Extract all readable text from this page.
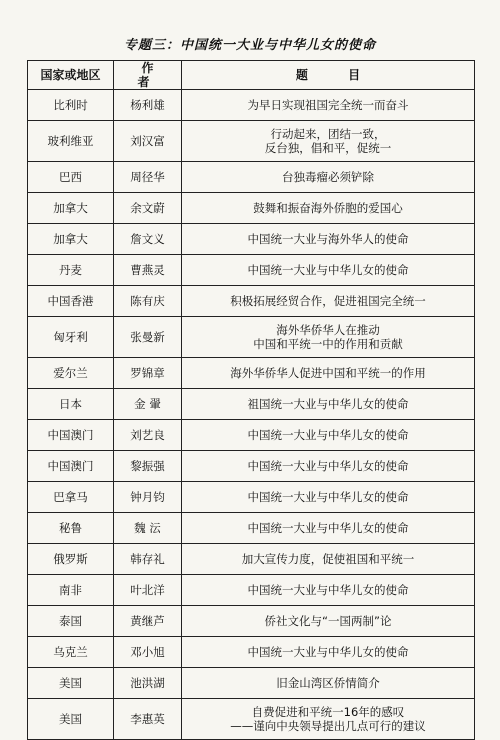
专题三：中国统一大业与中华儿女的使命
国家或地区	作 者	题 目
比利时	杨利雄	为早日实现祖国完全统一而奋斗

玻利维亚	刘汉富	行动起来，团结一致，
反台独，倡和平，促统一

巴西	周径华	台独毒瘤必须铲除

加拿大	余文蔚	鼓舞和振奋海外侨胞的爱国心

加拿大	詹文义	中国统一大业与海外华人的使命

丹麦	曹燕灵	中国统一大业与中华儿女的使命

中国香港	陈有庆	积极拓展经贸合作，促进祖国完全统一

匈牙利	张曼新	海外华侨华人在推动
中国和平统一中的作用和贡献

爱尔兰	罗锦章	海外华侨华人促进中国和平统一的作用

日本	金 翬	祖国统一大业与中华儿女的使命

中国澳门	刘艺良	中国统一大业与中华儿女的使命

中国澳门	黎振强	中国统一大业与中华儿女的使命

巴拿马	钟月钧	中国统一大业与中华儿女的使命

秘鲁	魏 沄	中国统一大业与中华儿女的使命

俄罗斯	韩存礼	加大宣传力度，促使祖国和平统一

南非	叶北洋	中国统一大业与中华儿女的使命

泰国	黄继芦	侨社文化与“一国两制”论

乌克兰	邓小旭	中国统一大业与中华儿女的使命

美国	池洪湖	旧金山湾区侨情简介

美国	李惠英	自费促进和平统一16年的感叹
——谨向中央领导提出几点可行的建议
